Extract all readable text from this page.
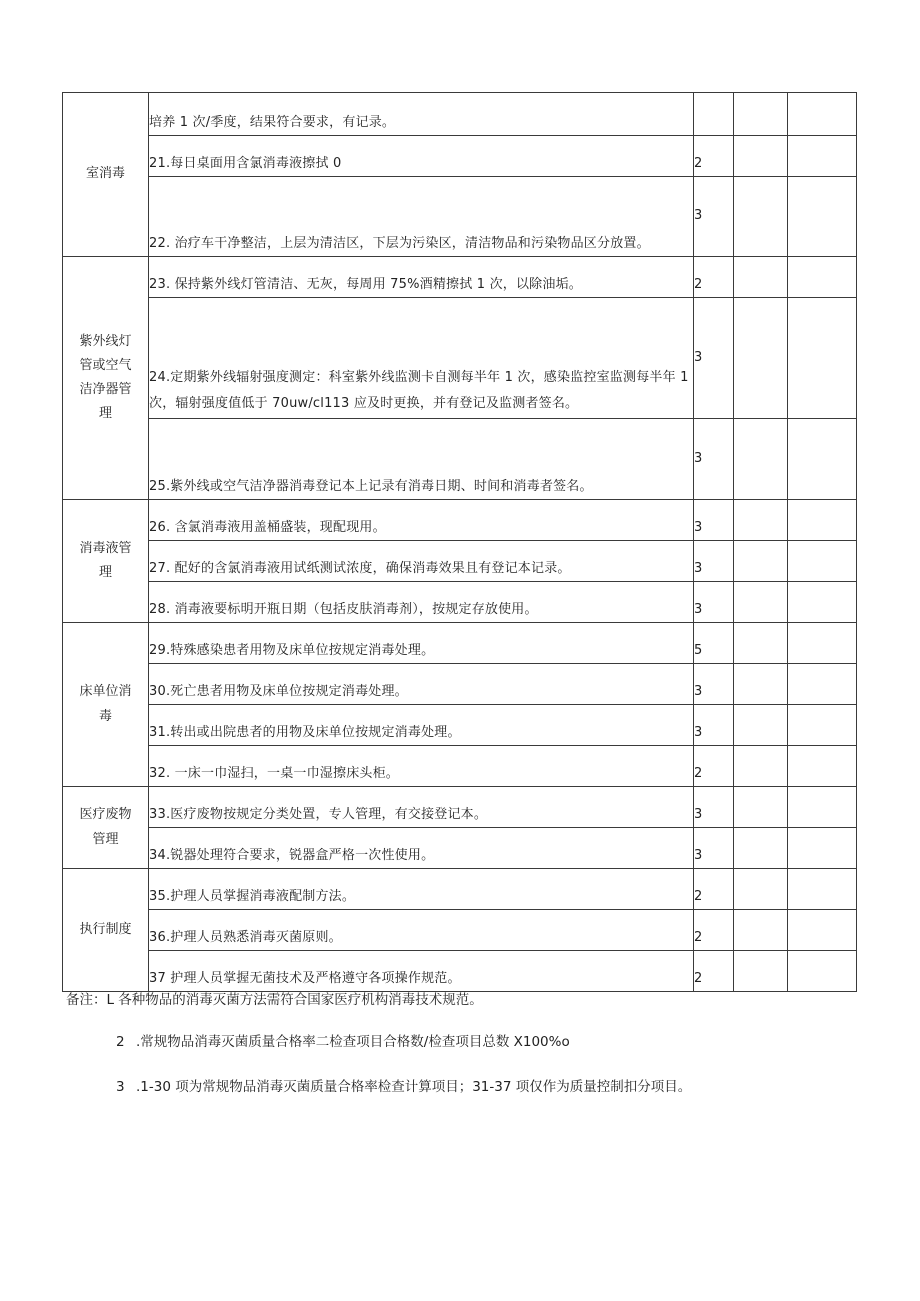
室消毒	培养 1 次/季度，结果符合要求，有记录。			
	21.每日桌面用含氯消毒液擦拭 0	2		
	22. 治疗车干净整洁，上层为清洁区，下层为污染区，清洁物品和污染物品区分放置。	3		

紫外线灯
管或空气
洁净器管
理	23. 保持紫外线灯管清洁、无灰，每周用 75%酒精擦拭 1 次，以除油垢。	2		
	24.定期紫外线辐射强度测定：科室紫外线监测卡自测每半年 1 次，感染监控室监测每半年 1 次，辐射强度值低于 70uw/cl113 应及时更换，并有登记及监测者签名。	3		
	25.紫外线或空气洁净器消毒登记本上记录有消毒日期、时间和消毒者签名。	3		

消毒液管
理	26. 含氯消毒液用盖桶盛装，现配现用。	3		
	27. 配好的含氯消毒液用试纸测试浓度，确保消毒效果且有登记本记录。	3		
	28. 消毒液要标明开瓶日期（包括皮肤消毒剂），按规定存放使用。	3		

床单位消
毒	29.特殊感染患者用物及床单位按规定消毒处理。	5		
	30.死亡患者用物及床单位按规定消毒处理。	3		
	31.转出或出院患者的用物及床单位按规定消毒处理。	3		
	32. 一床一巾湿扫，一桌一巾湿擦床头柜。	2		

医疗废物
管理	33.医疗废物按规定分类处置，专人管理，有交接登记本。	3		
	34.锐器处理符合要求，锐器盒严格一次性使用。	3		

执行制度	35.护理人员掌握消毒液配制方法。	2		
	36.护理人员熟悉消毒灭菌原则。	2		
	37 护理人员掌握无菌技术及严格遵守各项操作规范。	2		
备注：L 各种物品的消毒灭菌方法需符合国家医疗机构消毒技术规范。
2 .常规物品消毒灭菌质量合格率二检查项目合格数/检查项目总数 X100%o
3 .1-30 项为常规物品消毒灭菌质量合格率检查计算项目；31-37 项仅作为质量控制扣分项目。
